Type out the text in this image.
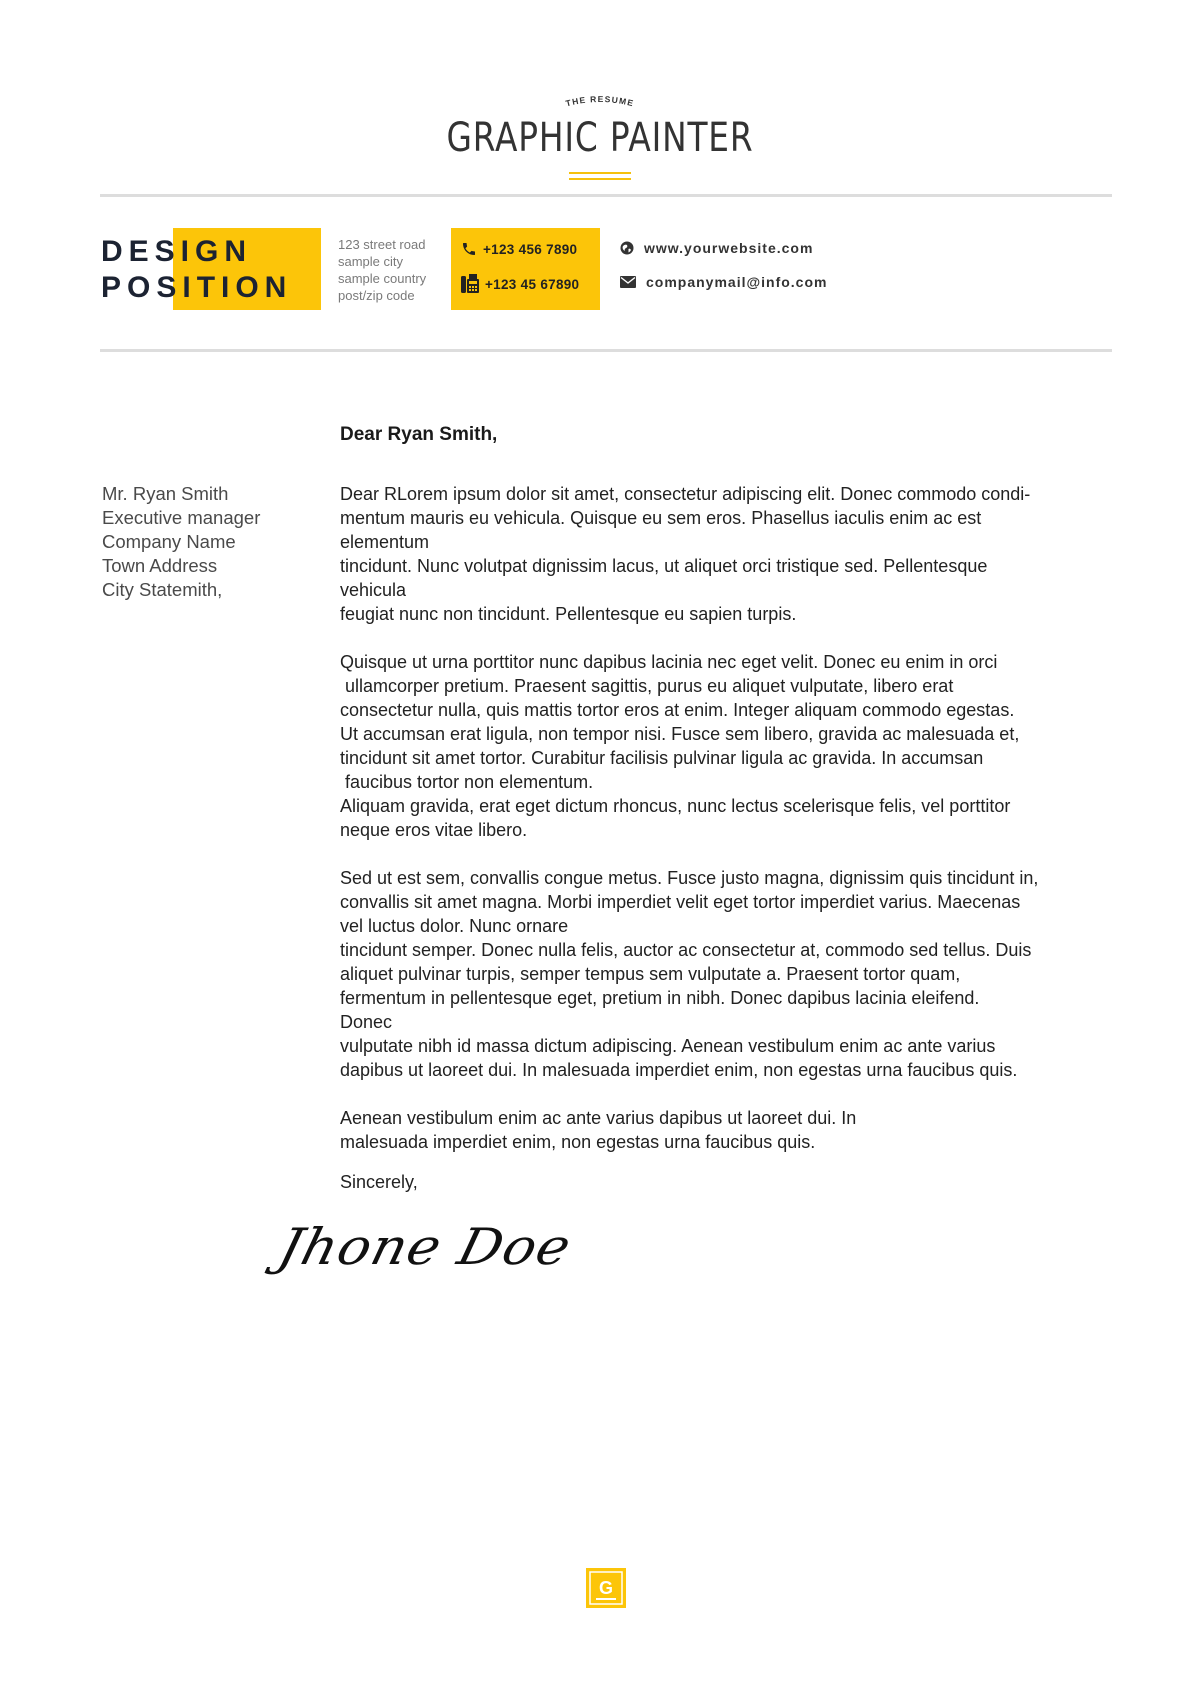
THE RESUME
GRAPHIC PAINTER

DESIGN
POSITION

123 street road
sample city
sample country
post/zip code
+123 456 7890
+123 45 67890
www.yourwebsite.com
companymail@info.com
Dear Ryan Smith,
Mr. Ryan Smith
Executive manager
Company Name
Town Address
City Statemith,
Dear RLorem ipsum dolor sit amet, consectetur adipiscing elit. Donec commodo condi-
mentum mauris eu vehicula. Quisque eu sem eros. Phasellus iaculis enim ac est
elementum
tincidunt. Nunc volutpat dignissim lacus, ut aliquet orci tristique sed. Pellentesque
vehicula
feugiat nunc non tincidunt. Pellentesque eu sapien turpis.
Quisque ut urna porttitor nunc dapibus lacinia nec eget velit. Donec eu enim in orci
ullamcorper pretium. Praesent sagittis, purus eu aliquet vulputate, libero erat
consectetur nulla, quis mattis tortor eros at enim. Integer aliquam commodo egestas.
Ut accumsan erat ligula, non tempor nisi. Fusce sem libero, gravida ac malesuada et,
tincidunt sit amet tortor. Curabitur facilisis pulvinar ligula ac gravida. In accumsan
faucibus tortor non elementum.
Aliquam gravida, erat eget dictum rhoncus, nunc lectus scelerisque felis, vel porttitor
neque eros vitae libero.
Sed ut est sem, convallis congue metus. Fusce justo magna, dignissim quis tincidunt in,
convallis sit amet magna. Morbi imperdiet velit eget tortor imperdiet varius. Maecenas
vel luctus dolor. Nunc ornare
tincidunt semper. Donec nulla felis, auctor ac consectetur at, commodo sed tellus. Duis
aliquet pulvinar turpis, semper tempus sem vulputate a. Praesent tortor quam,
fermentum in pellentesque eget, pretium in nibh. Donec dapibus lacinia eleifend.
Donec
vulputate nibh id massa dictum adipiscing. Aenean vestibulum enim ac ante varius
dapibus ut laoreet dui. In malesuada imperdiet enim, non egestas urna faucibus quis.
Aenean vestibulum enim ac ante varius dapibus ut laoreet dui. In
malesuada imperdiet enim, non egestas urna faucibus quis.
Sincerely,
Jhone Doe
G
